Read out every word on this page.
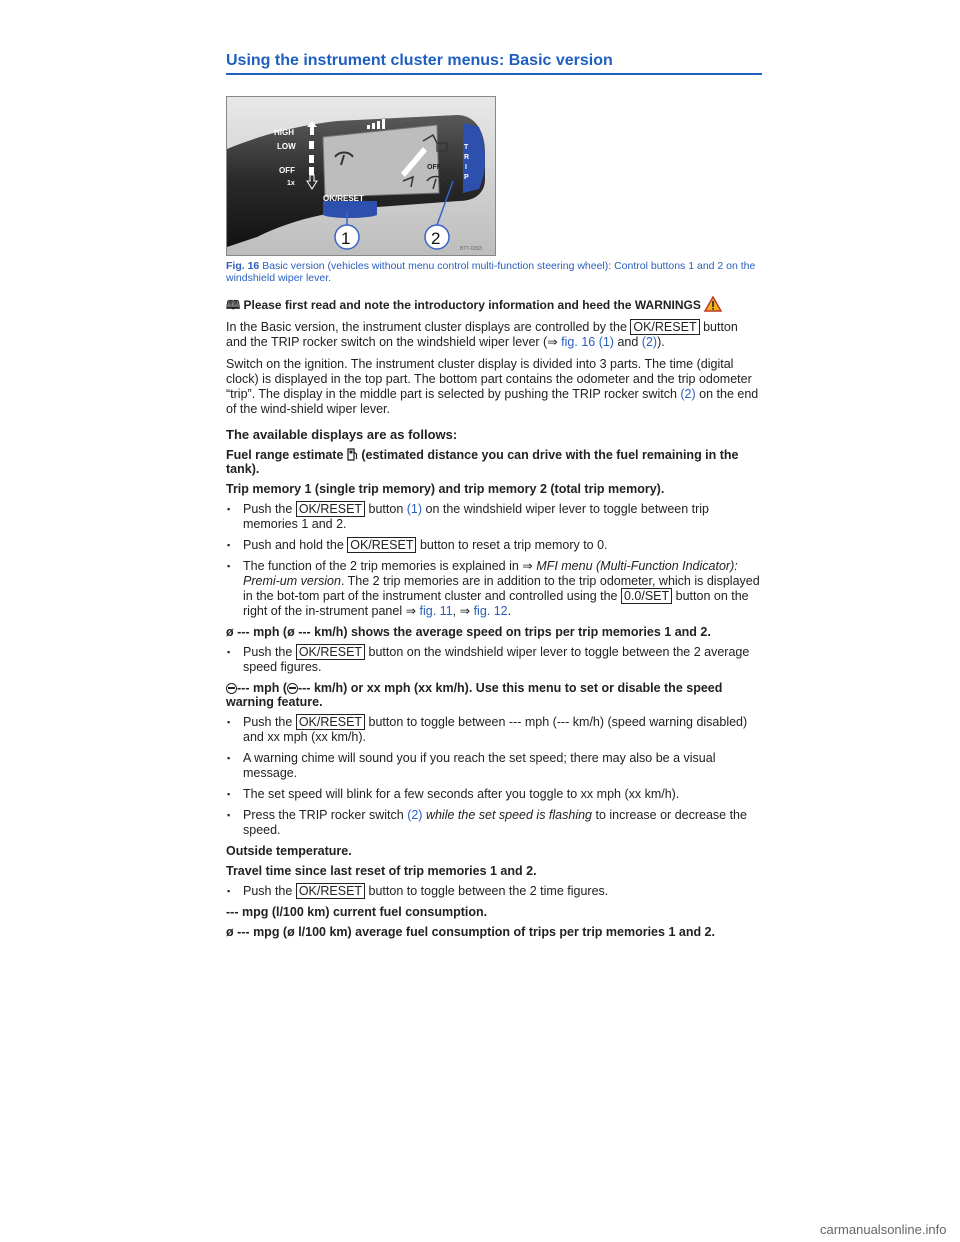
Using the instrument cluster menus: Basic version
HIGH
LOW
OFF
1x
OFF
T
R
I
P
OK/RESET
1	2
BTT-0393
Fig. 16 Basic version (vehicles without menu control multi-function steering wheel): Control buttons 1 and 2 on the windshield wiper lever.

🕮 Please first read and note the introductory information and heed the WARNINGS

In the Basic version, the instrument cluster displays are controlled by the OK/RESET button and the TRIP rocker switch on the windshield wiper lever (⇒ fig. 16 (1) and (2)).

Switch on the ignition. The instrument cluster display is divided into 3 parts. The time (digital clock) is displayed in the top part. The bottom part contains the odometer and the trip odometer “trip”. The display in the middle part is selected by pushing the TRIP rocker switch (2) on the end of the wind-shield wiper lever.

The available displays are as follows:

Fuel range estimate  (estimated distance you can drive with the fuel remaining in the tank).

Trip memory 1 (single trip memory) and trip memory 2 (total trip memory).

▪ Push the OK/RESET button (1) on the windshield wiper lever to toggle between trip memories 1 and 2.
▪ Push and hold the OK/RESET button to reset a trip memory to 0.
▪ The function of the 2 trip memories is explained in ⇒ MFI menu (Multi-Function Indicator): Premi-um version. The 2 trip memories are in addition to the trip odometer, which is displayed in the bot-tom part of the instrument cluster and controlled using the 0.0/SET button on the right of the in-strument panel ⇒ fig. 11, ⇒ fig. 12.

ø --- mph (ø --- km/h) shows the average speed on trips per trip memories 1 and 2.

▪ Push the OK/RESET button on the windshield wiper lever to toggle between the 2 average speed figures.

--- mph ( --- km/h) or xx mph (xx km/h). Use this menu to set or disable the speed warning feature.

▪ Push the OK/RESET button to toggle between --- mph (--- km/h) (speed warning disabled) and xx mph (xx km/h).
▪ A warning chime will sound you if you reach the set speed; there may also be a visual message.
▪ The set speed will blink for a few seconds after you toggle to xx mph (xx km/h).
▪ Press the TRIP rocker switch (2) while the set speed is flashing to increase or decrease the speed.

Outside temperature.

Travel time since last reset of trip memories 1 and 2.

▪ Push the OK/RESET button to toggle between the 2 time figures.

--- mpg (l/100 km) current fuel consumption.

ø --- mpg (ø l/100 km) average fuel consumption of trips per trip memories 1 and 2.

carmanualsonline.info
